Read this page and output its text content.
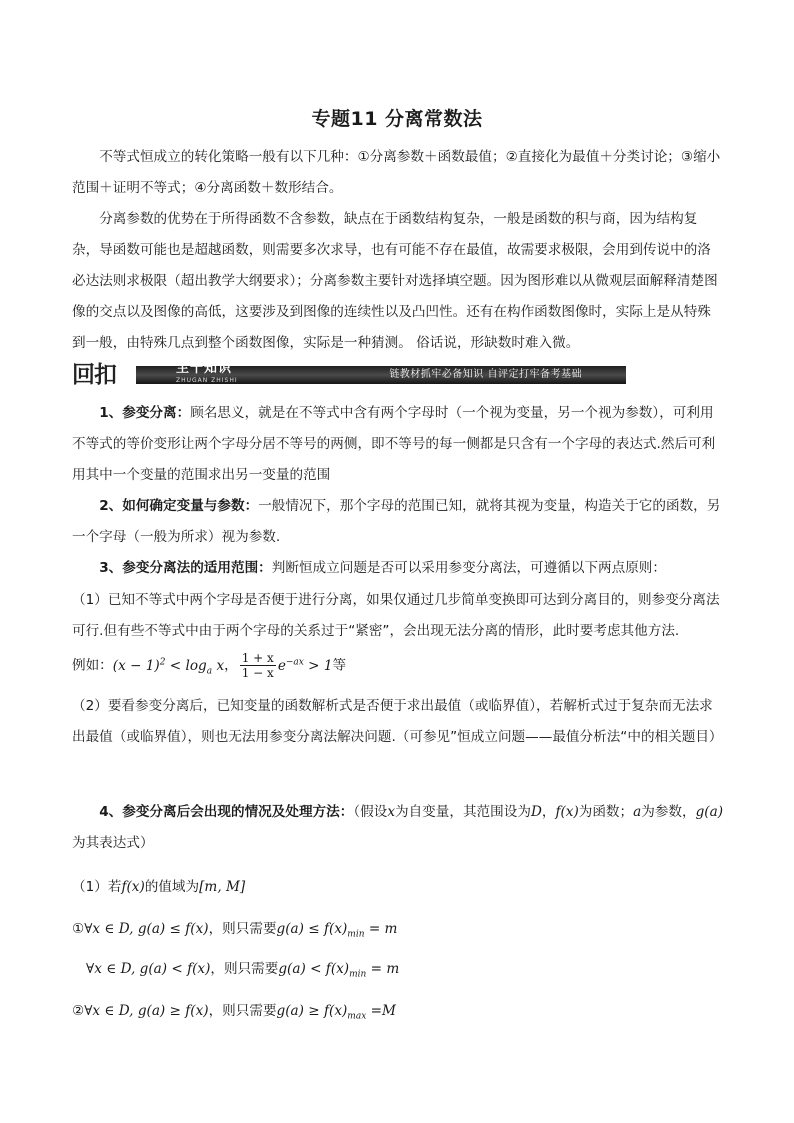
专题11 分离常数法

不等式恒成立的转化策略一般有以下几种：①分离参数＋函数最值；②直接化为最值＋分类讨论；③缩小范围＋证明不等式；④分离函数＋数形结合。

分离参数的优势在于所得函数不含参数，缺点在于函数结构复杂，一般是函数的积与商，因为结构复杂，导函数可能也是超越函数，则需要多次求导，也有可能不存在最值，故需要求极限，会用到传说中的洛必达法则求极限（超出教学大纲要求）；分离参数主要针对选择填空题。因为图形难以从微观层面解释清楚图像的交点以及图像的高低，这要涉及到图像的连续性以及凸凹性。还有在构作函数图像时，实际上是从特殊到一般，由特殊几点到整个函数图像，实际是一种猜测。 俗话说，形缺数时难入微。

回扣	主干知识
ZHUGAN ZHISHI
链教材抓牢必备知识 自评定打牢备考基础

1、参变分离：顾名思义，就是在不等式中含有两个字母时（一个视为变量，另一个视为参数），可利用不等式的等价变形让两个字母分居不等号的两侧，即不等号的每一侧都是只含有一个字母的表达式.然后可利用其中一个变量的范围求出另一变量的范围

2、如何确定变量与参数：一般情况下，那个字母的范围已知，就将其视为变量，构造关于它的函数，另一个字母（一般为所求）视为参数.

3、参变分离法的适用范围：判断恒成立问题是否可以采用参变分离法，可遵循以下两点原则：

（1）已知不等式中两个字母是否便于进行分离，如果仅通过几步简单变换即可达到分离目的，则参变分离法可行.但有些不等式中由于两个字母的关系过于“紧密”，会出现无法分离的情形，此时要考虑其他方法.

例如：$(x - 1)^2 < \log_a x$， $\frac{1 + x}{1 - x} e^{-ax} > 1$等

（2）要看参变分离后，已知变量的函数解析式是否便于求出最值（或临界值），若解析式过于复杂而无法求出最值（或临界值），则也无法用参变分离法解决问题.（可参见”恒成立问题——最值分析法“中的相关题目）

4、参变分离后会出现的情况及处理方法：（假设x为自变量，其范围设为D，f(x)为函数；a为参数，g(a)为其表达式）

（1）若f(x)的值域为[m, M]
①∀x ∈ D, g(a) ≤ f(x)，则只需要$g(a) \le f(x)_{min} = m$
∀x ∈ D, g(a) < f(x)，则只需要$g(a) < f(x)_{min} = m$
②∀x ∈ D, g(a) ≥ f(x)，则只需要$g(a) \ge f(x)_{max} =M$
